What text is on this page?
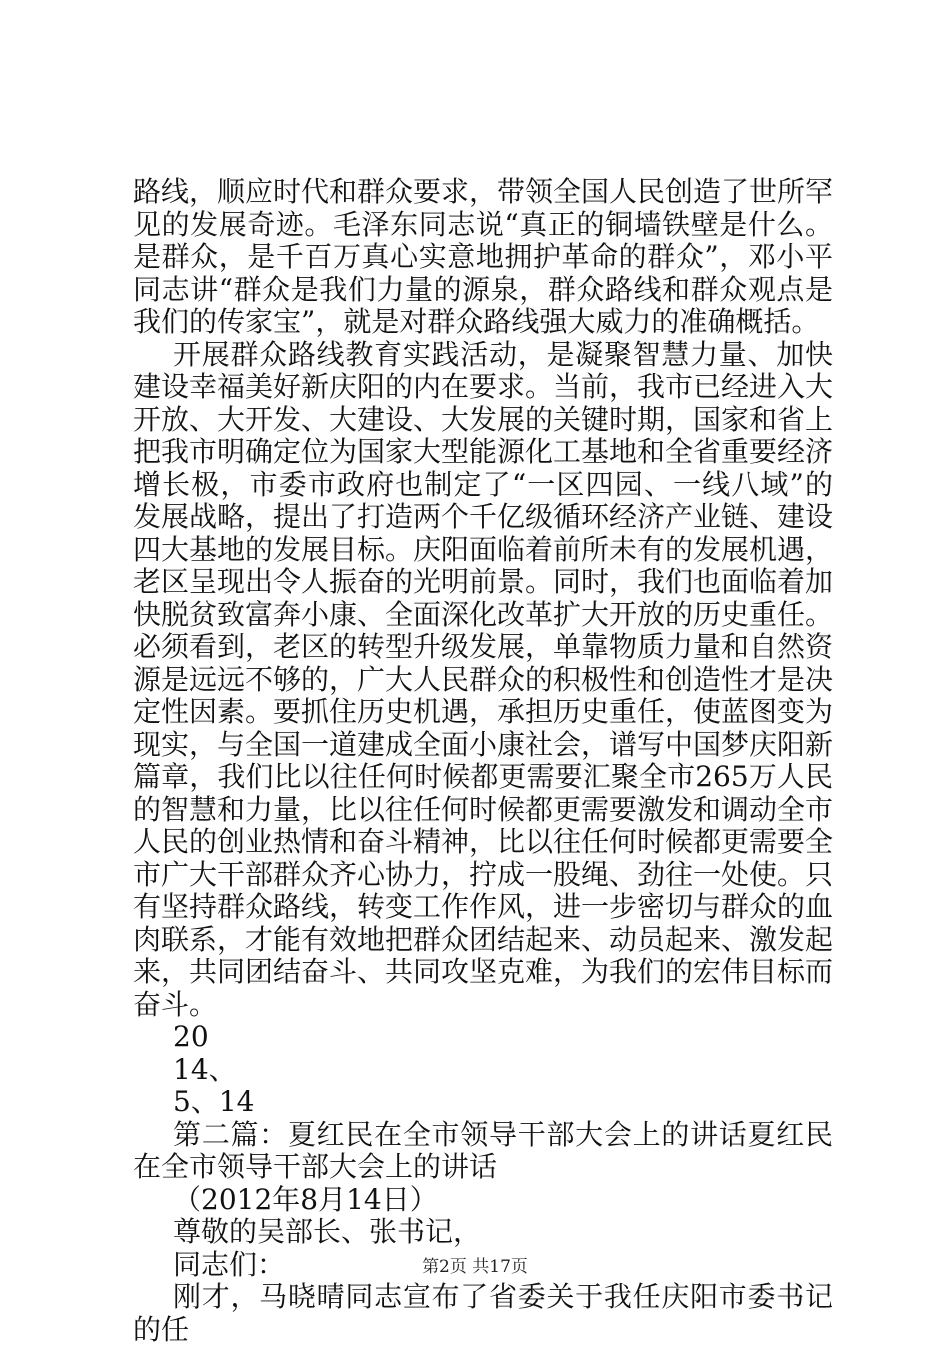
路线，顺应时代和群众要求，带领全国人民创造了世所罕见的发展奇迹。毛泽东同志说“真正的铜墙铁壁是什么。是群众，是千百万真心实意地拥护革命的群众”，邓小平同志讲“群众是我们力量的源泉，群众路线和群众观点是我们的传家宝”，就是对群众路线强大威力的准确概括。

开展群众路线教育实践活动，是凝聚智慧力量、加快建设幸福美好新庆阳的内在要求。当前，我市已经进入大开放、大开发、大建设、大发展的关键时期，国家和省上把我市明确定位为国家大型能源化工基地和全省重要经济增长极，市委市政府也制定了“一区四园、一线八域”的发展战略，提出了打造两个千亿级循环经济产业链、建设四大基地的发展目标。庆阳面临着前所未有的发展机遇，老区呈现出令人振奋的光明前景。同时，我们也面临着加快脱贫致富奔小康、全面深化改革扩大开放的历史重任。必须看到，老区的转型升级发展，单靠物质力量和自然资源是远远不够的，广大人民群众的积极性和创造性才是决定性因素。要抓住历史机遇，承担历史重任，使蓝图变为现实，与全国一道建成全面小康社会，谱写中国梦庆阳新篇章，我们比以往任何时候都更需要汇聚全市265万人民的智慧和力量，比以往任何时候都更需要激发和调动全市人民的创业热情和奋斗精神，比以往任何时候都更需要全市广大干部群众齐心协力，拧成一股绳、劲往一处使。只有坚持群众路线，转变工作作风，进一步密切与群众的血肉联系，才能有效地把群众团结起来、动员起来、激发起来，共同团结奋斗、共同攻坚克难，为我们的宏伟目标而奋斗。

20

14、

5、14

第二篇：夏红民在全市领导干部大会上的讲话夏红民在全市领导干部大会上的讲话

（2012年8月14日）

尊敬的吴部长、张书记，

同志们：

刚才，马晓晴同志宣布了省委关于我任庆阳市委书记的任

第2页 共17页
